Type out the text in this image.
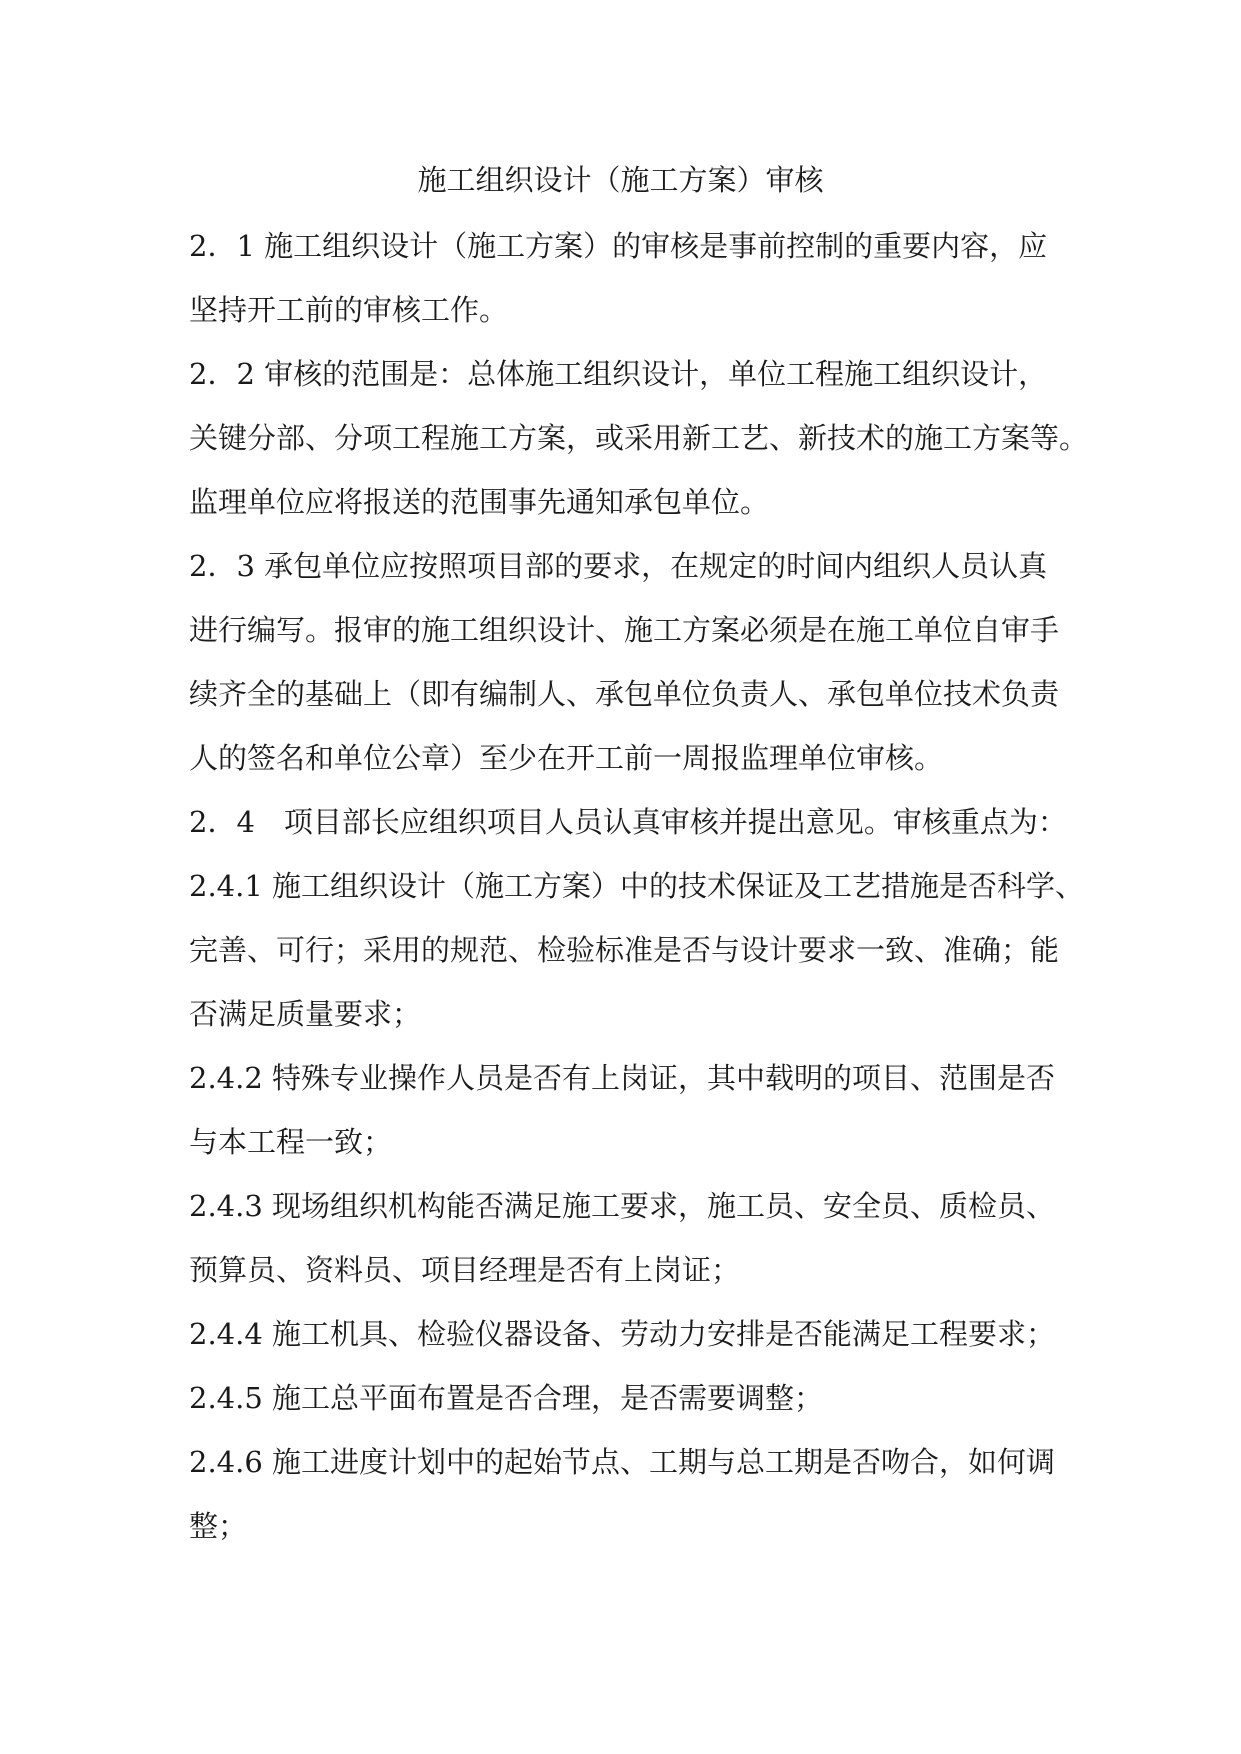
施工组织设计（施工方案）审核
2．1 施工组织设计（施工方案）的审核是事前控制的重要内容，应
坚持开工前的审核工作。
2．2 审核的范围是：总体施工组织设计，单位工程施工组织设计，
关键分部、分项工程施工方案，或采用新工艺、新技术的施工方案等。
监理单位应将报送的范围事先通知承包单位。
2．3 承包单位应按照项目部的要求，在规定的时间内组织人员认真
进行编写。报审的施工组织设计、施工方案必须是在施工单位自审手
续齐全的基础上（即有编制人、承包单位负责人、承包单位技术负责
人的签名和单位公章）至少在开工前一周报监理单位审核。
2．4　项目部长应组织项目人员认真审核并提出意见。审核重点为：
2.4.1 施工组织设计（施工方案）中的技术保证及工艺措施是否科学、
完善、可行；采用的规范、检验标准是否与设计要求一致、准确；能
否满足质量要求；
2.4.2 特殊专业操作人员是否有上岗证，其中载明的项目、范围是否
与本工程一致；
2.4.3 现场组织机构能否满足施工要求，施工员、安全员、质检员、
预算员、资料员、项目经理是否有上岗证；
2.4.4 施工机具、检验仪器设备、劳动力安排是否能满足工程要求；
2.4.5 施工总平面布置是否合理，是否需要调整；
2.4.6 施工进度计划中的起始节点、工期与总工期是否吻合，如何调
整；
